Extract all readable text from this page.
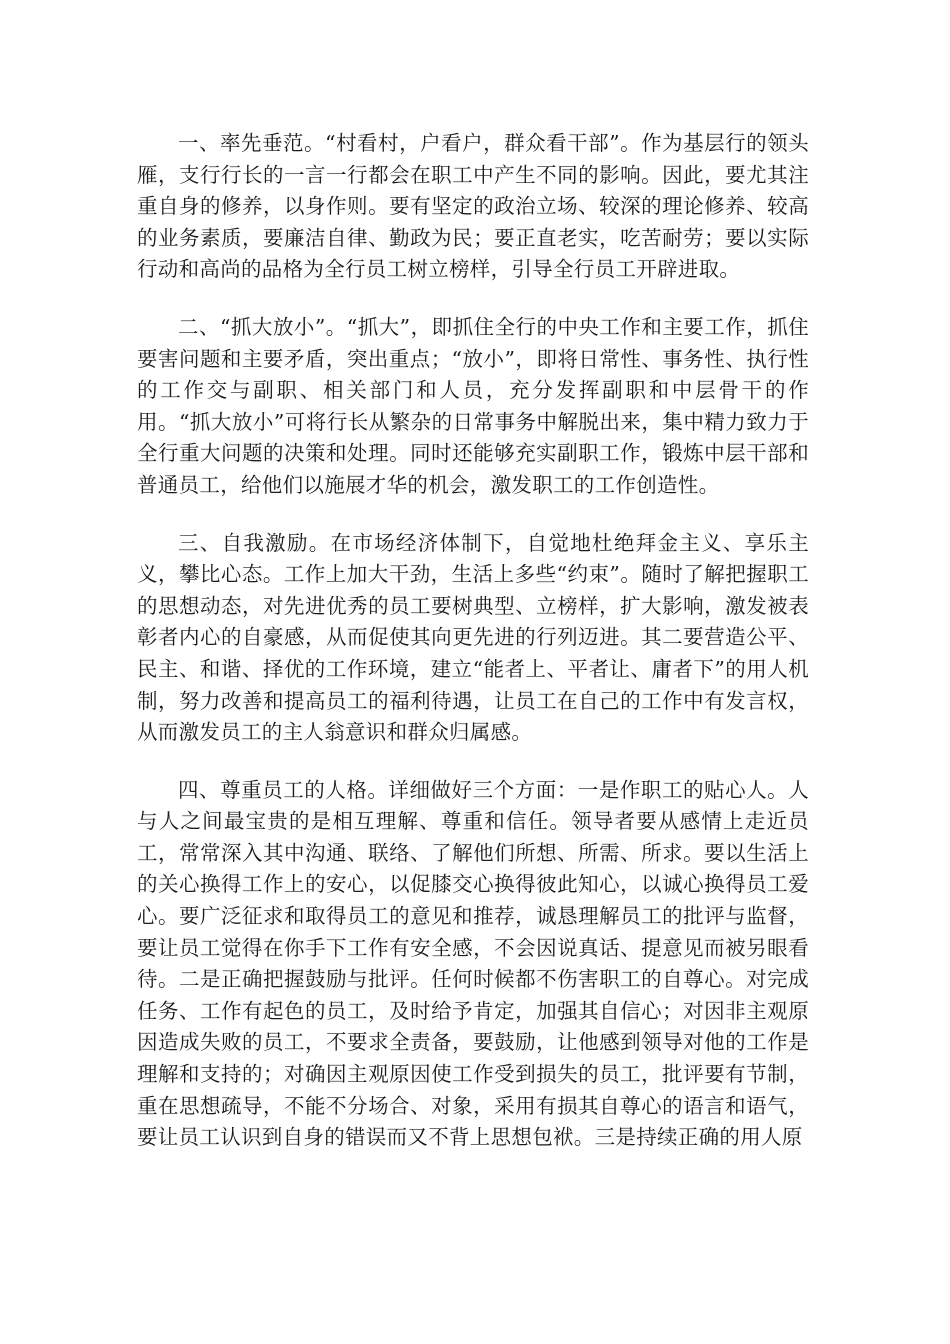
一、率先垂范。“村看村，户看户，群众看干部”。作为基层行的领头雁，支行行长的一言一行都会在职工中产生不同的影响。因此，要尤其注重自身的修养，以身作则。要有坚定的政治立场、较深的理论修养、较高的业务素质，要廉洁自律、勤政为民；要正直老实，吃苦耐劳；要以实际行动和高尚的品格为全行员工树立榜样，引导全行员工开辟进取。

二、“抓大放小”。“抓大”，即抓住全行的中央工作和主要工作，抓住要害问题和主要矛盾，突出重点；“放小”，即将日常性、事务性、执行性的工作交与副职、相关部门和人员，充分发挥副职和中层骨干的作用。“抓大放小”可将行长从繁杂的日常事务中解脱出来，集中精力致力于全行重大问题的决策和处理。同时还能够充实副职工作，锻炼中层干部和普通员工，给他们以施展才华的机会，激发职工的工作创造性。

三、自我激励。在市场经济体制下，自觉地杜绝拜金主义、享乐主义，攀比心态。工作上加大干劲，生活上多些“约束”。随时了解把握职工的思想动态，对先进优秀的员工要树典型、立榜样，扩大影响，激发被表彰者内心的自豪感，从而促使其向更先进的行列迈进。其二要营造公平、民主、和谐、择优的工作环境，建立“能者上、平者让、庸者下”的用人机制，努力改善和提高员工的福利待遇，让员工在自己的工作中有发言权，从而激发员工的主人翁意识和群众归属感。

四、尊重员工的人格。详细做好三个方面：一是作职工的贴心人。人与人之间最宝贵的是相互理解、尊重和信任。领导者要从感情上走近员工，常常深入其中沟通、联络、了解他们所想、所需、所求。要以生活上的关心换得工作上的安心，以促膝交心换得彼此知心，以诚心换得员工爱心。要广泛征求和取得员工的意见和推荐，诚恳理解员工的批评与监督，要让员工觉得在你手下工作有安全感，不会因说真话、提意见而被另眼看待。二是正确把握鼓励与批评。任何时候都不伤害职工的自尊心。对完成任务、工作有起色的员工，及时给予肯定，加强其自信心；对因非主观原因造成失败的员工，不要求全责备，要鼓励，让他感到领导对他的工作是理解和支持的；对确因主观原因使工作受到损失的员工，批评要有节制，重在思想疏导，不能不分场合、对象，采用有损其自尊心的语言和语气，要让员工认识到自身的错误而又不背上思想包袱。三是持续正确的用人原
